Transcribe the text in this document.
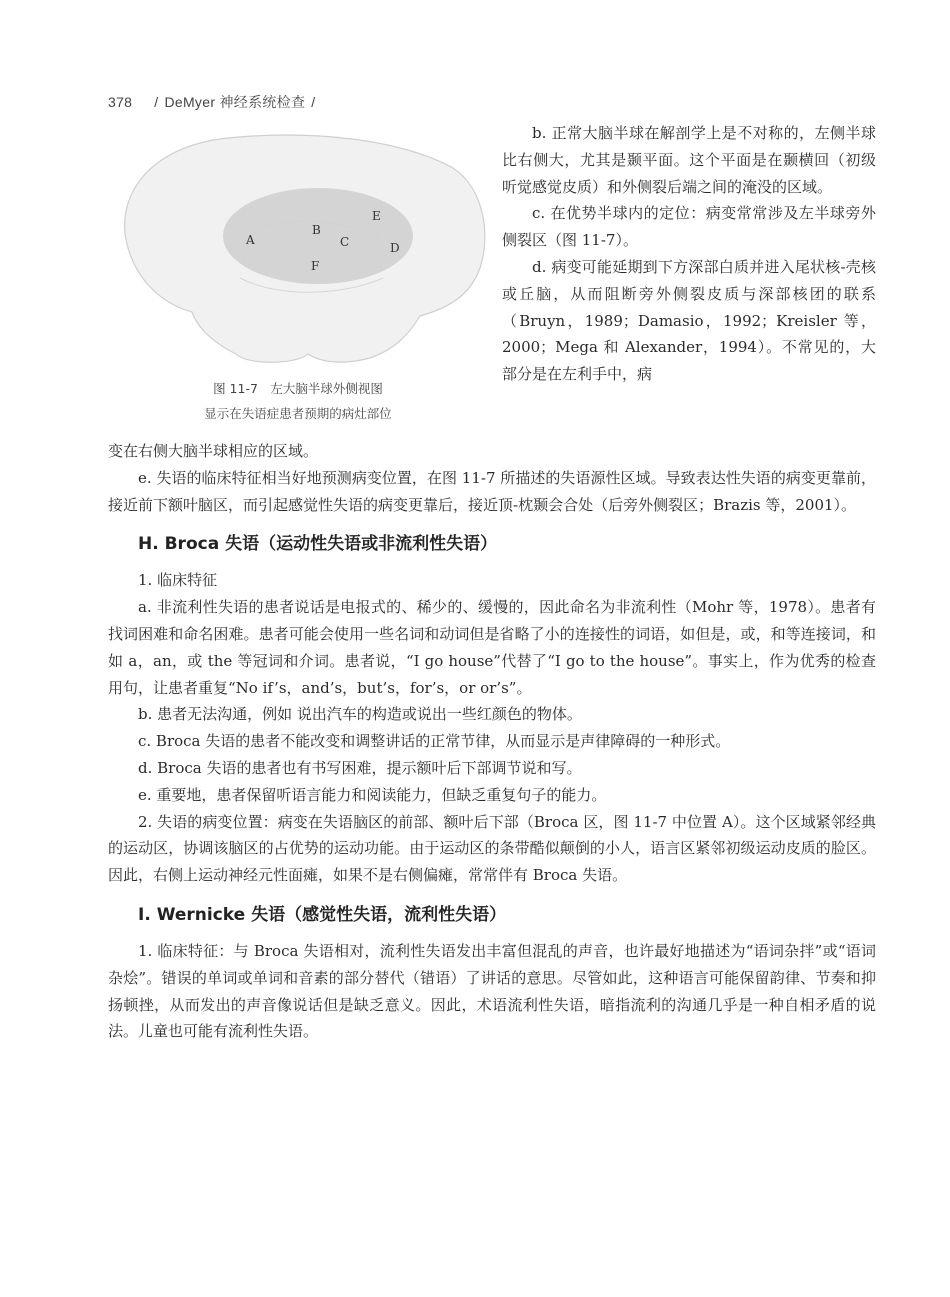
378 / DeMyer 神经系统检查 /
A
B
C	D
E
F
图 11-7　左大脑半球外侧视图
显示在失语症患者预期的病灶部位

b. 正常大脑半球在解剖学上是不对称的，左侧半球比右侧大，尤其是颞平面。这个平面是在颞横回（初级听觉感觉皮质）和外侧裂后端之间的淹没的区域。

c. 在优势半球内的定位：病变常常涉及左半球旁外侧裂区（图 11-7）。

d. 病变可能延期到下方深部白质并进入尾状核-壳核或丘脑，从而阻断旁外侧裂皮质与深部核团的联系（Bruyn，1989；Damasio，1992；Kreisler 等，2000；Mega 和 Alexander，1994）。不常见的，大部分是在左利手中，病

变在右侧大脑半球相应的区域。

e. 失语的临床特征相当好地预测病变位置，在图 11-7 所描述的失语源性区域。导致表达性失语的病变更靠前，接近前下额叶脑区，而引起感觉性失语的病变更靠后，接近顶-枕颞会合处（后旁外侧裂区；Brazis 等，2001）。

H. Broca 失语（运动性失语或非流利性失语）

1. 临床特征

a. 非流利性失语的患者说话是电报式的、稀少的、缓慢的，因此命名为非流利性（Mohr 等，1978）。患者有找词困难和命名困难。患者可能会使用一些名词和动词但是省略了小的连接性的词语，如但是，或，和等连接词，和如 a，an，或 the 等冠词和介词。患者说，“I go house”代替了“I go to the house”。事实上，作为优秀的检查用句，让患者重复“No if’s，and’s，but’s，for’s，or or’s”。

b. 患者无法沟通，例如 说出汽车的构造或说出一些红颜色的物体。

c. Broca 失语的患者不能改变和调整讲话的正常节律，从而显示是声律障碍的一种形式。

d. Broca 失语的患者也有书写困难，提示额叶后下部调节说和写。

e. 重要地，患者保留听语言能力和阅读能力，但缺乏重复句子的能力。

2. 失语的病变位置：病变在失语脑区的前部、额叶后下部（Broca 区，图 11-7 中位置 A）。这个区域紧邻经典的运动区，协调该脑区的占优势的运动功能。由于运动区的条带酷似颠倒的小人，语言区紧邻初级运动皮质的脸区。因此，右侧上运动神经元性面瘫，如果不是右侧偏瘫，常常伴有 Broca 失语。

I. Wernicke 失语（感觉性失语，流利性失语）

1. 临床特征：与 Broca 失语相对，流利性失语发出丰富但混乱的声音，也许最好地描述为“语词杂拌”或“语词杂烩”。错误的单词或单词和音素的部分替代（错语）了讲话的意思。尽管如此，这种语言可能保留韵律、节奏和抑扬顿挫，从而发出的声音像说话但是缺乏意义。因此，术语流利性失语，暗指流利的沟通几乎是一种自相矛盾的说法。儿童也可能有流利性失语。
